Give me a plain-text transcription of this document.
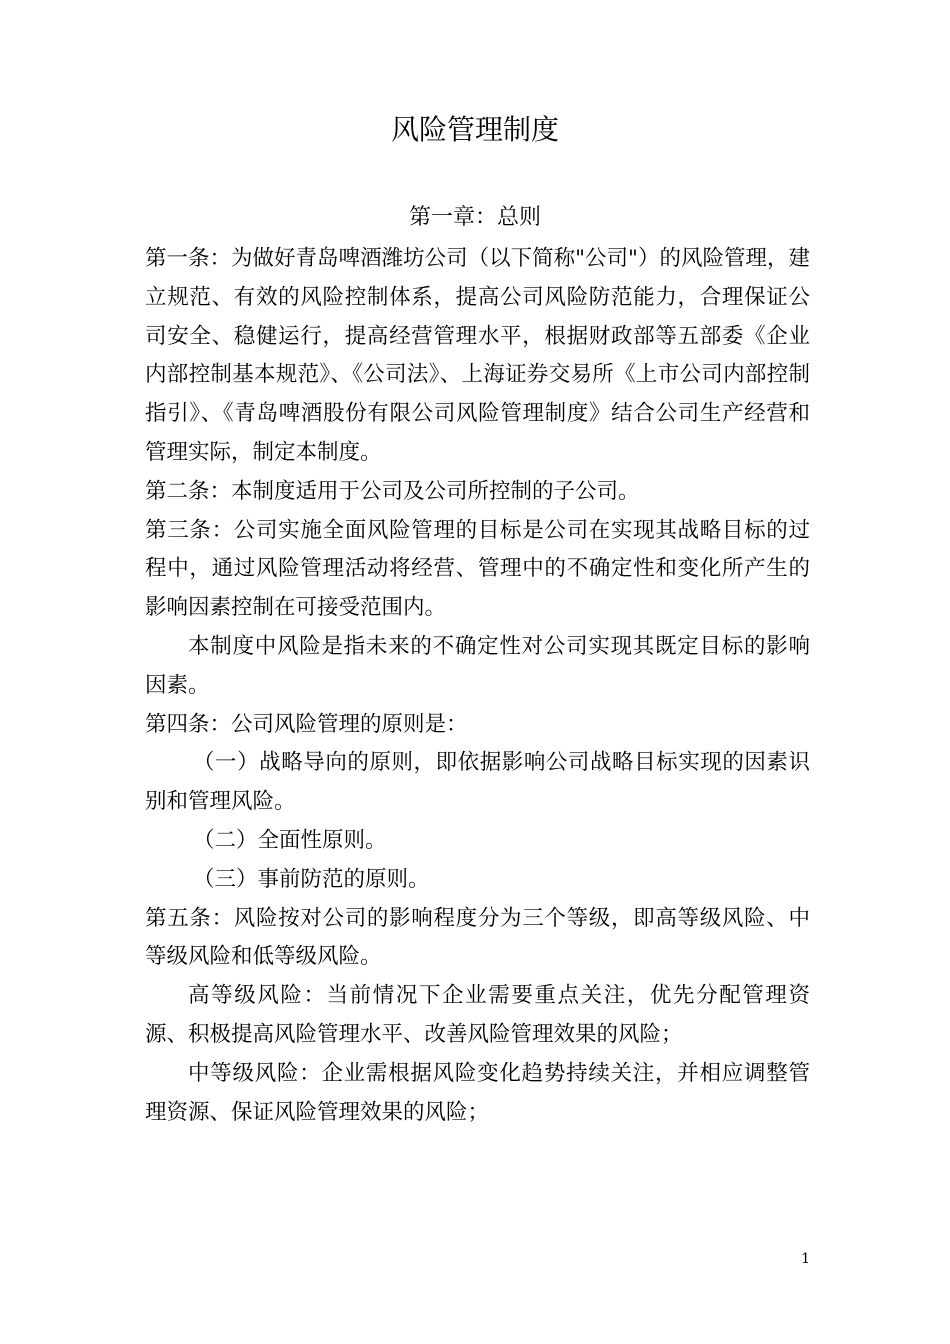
风险管理制度
第一章：总则

第一条：为做好青岛啤酒潍坊公司（以下简称"公司"）的风险管理，建立规范、有效的风险控制体系，提高公司风险防范能力，合理保证公司安全、稳健运行，提高经营管理水平，根据财政部等五部委《企业内部控制基本规范》、《公司法》、上海证券交易所《上市公司内部控制指引》、《青岛啤酒股份有限公司风险管理制度》结合公司生产经营和管理实际，制定本制度。

第二条：本制度适用于公司及公司所控制的子公司。

第三条：公司实施全面风险管理的目标是公司在实现其战略目标的过程中，通过风险管理活动将经营、管理中的不确定性和变化所产生的影响因素控制在可接受范围内。

本制度中风险是指未来的不确定性对公司实现其既定目标的影响因素。

第四条：公司风险管理的原则是：

（一）战略导向的原则，即依据影响公司战略目标实现的因素识别和管理风险。

（二）全面性原则。

（三）事前防范的原则。

第五条：风险按对公司的影响程度分为三个等级，即高等级风险、中等级风险和低等级风险。

高等级风险：当前情况下企业需要重点关注，优先分配管理资源、积极提高风险管理水平、改善风险管理效果的风险；

中等级风险：企业需根据风险变化趋势持续关注，并相应调整管理资源、保证风险管理效果的风险；

1
